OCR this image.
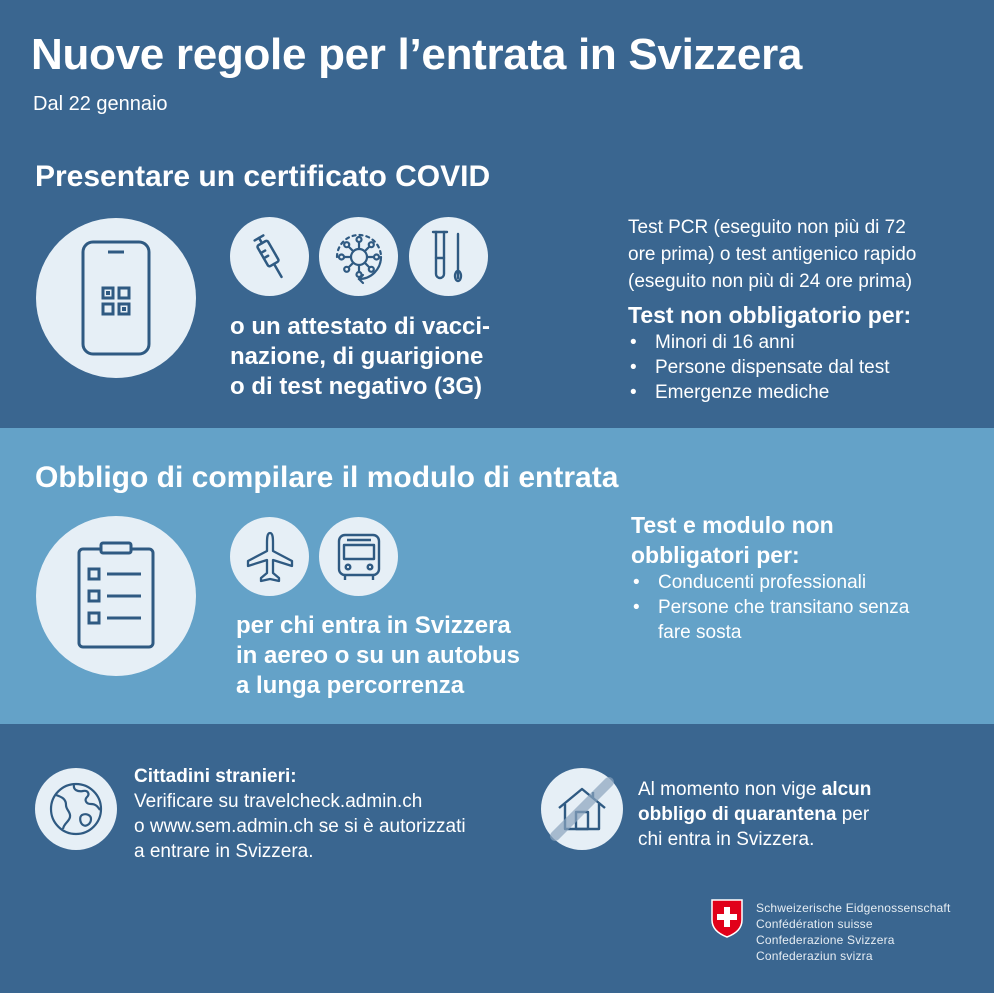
Nuove regole per l’entrata in Svizzera
Dal 22 gennaio
Presentare un certificato COVID
o un attestato di vacci-
nazione, di guarigione
o di test negativo (3G)
Test PCR (eseguito non più di 72
ore prima) o test antigenico rapido
(eseguito non più di 24 ore prima)
Test non obbligatorio per:
• Minori di 16 anni
• Persone dispensate dal test
• Emergenze mediche
Obbligo di compilare il modulo di entrata
per chi entra in Svizzera
in aereo o su un autobus
a lunga percorrenza
Test e modulo non
obbligatori per:
• Conducenti professionali
• Persone che transitano senza fare sosta
Cittadini stranieri:
Verificare su travelcheck.admin.ch
o www.sem.admin.ch se si è autorizzati
a entrare in Svizzera.
Al momento non vige alcun
obbligo di quarantena per
chi entra in Svizzera.
Schweizerische Eidgenossenschaft
Confédération suisse
Confederazione Svizzera
Confederaziun svizra
